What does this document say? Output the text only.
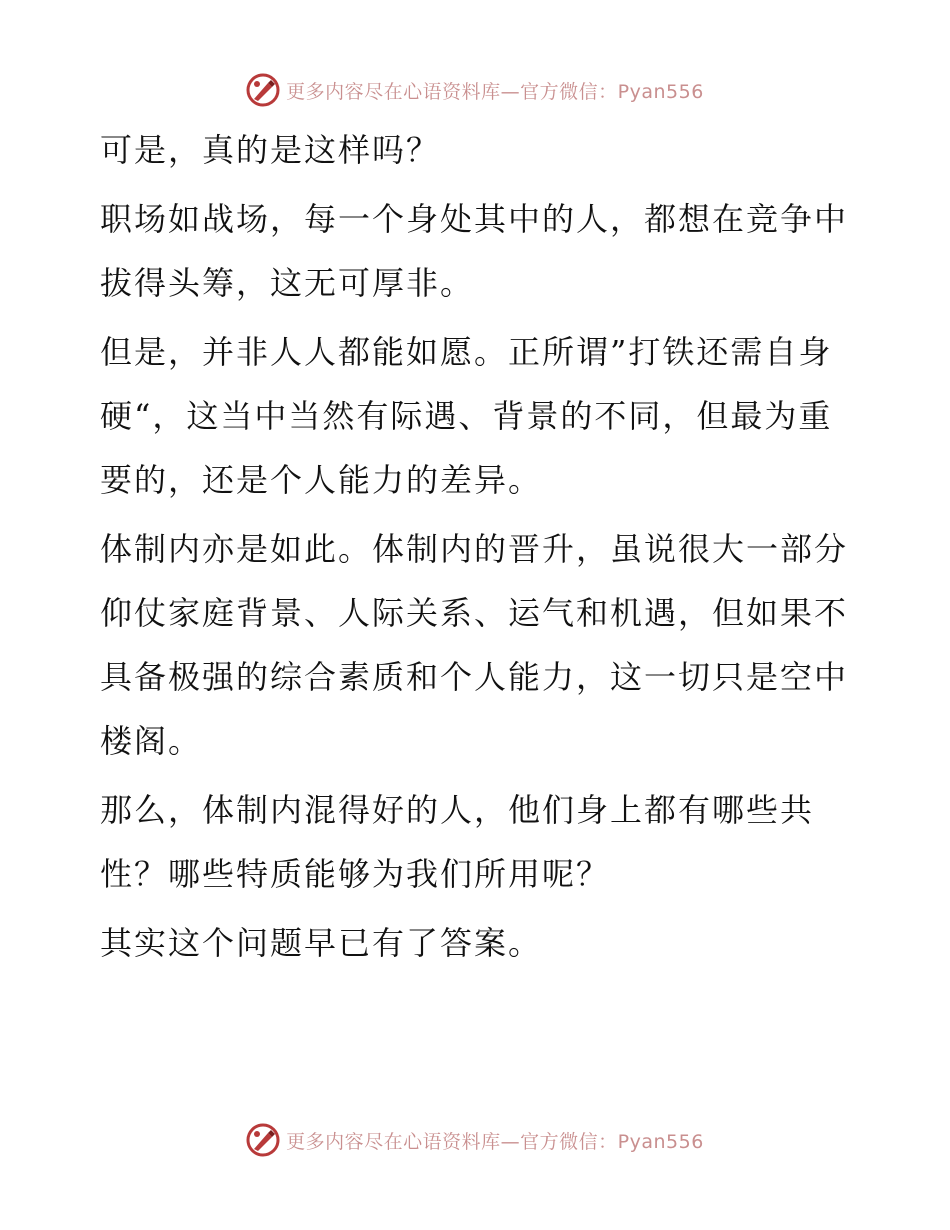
更多内容尽在心语资料库—官方微信：Pyan556

可是，真的是这样吗？

职场如战场，每一个身处其中的人，都想在竞争中拔得头筹，这无可厚非。

但是，并非人人都能如愿。正所谓”打铁还需自身硬“，这当中当然有际遇、背景的不同，但最为重要的，还是个人能力的差异。

体制内亦是如此。体制内的晋升，虽说很大一部分仰仗家庭背景、人际关系、运气和机遇，但如果不具备极强的综合素质和个人能力，这一切只是空中楼阁。

那么，体制内混得好的人，他们身上都有哪些共性？哪些特质能够为我们所用呢？

其实这个问题早已有了答案。

更多内容尽在心语资料库—官方微信：Pyan556
